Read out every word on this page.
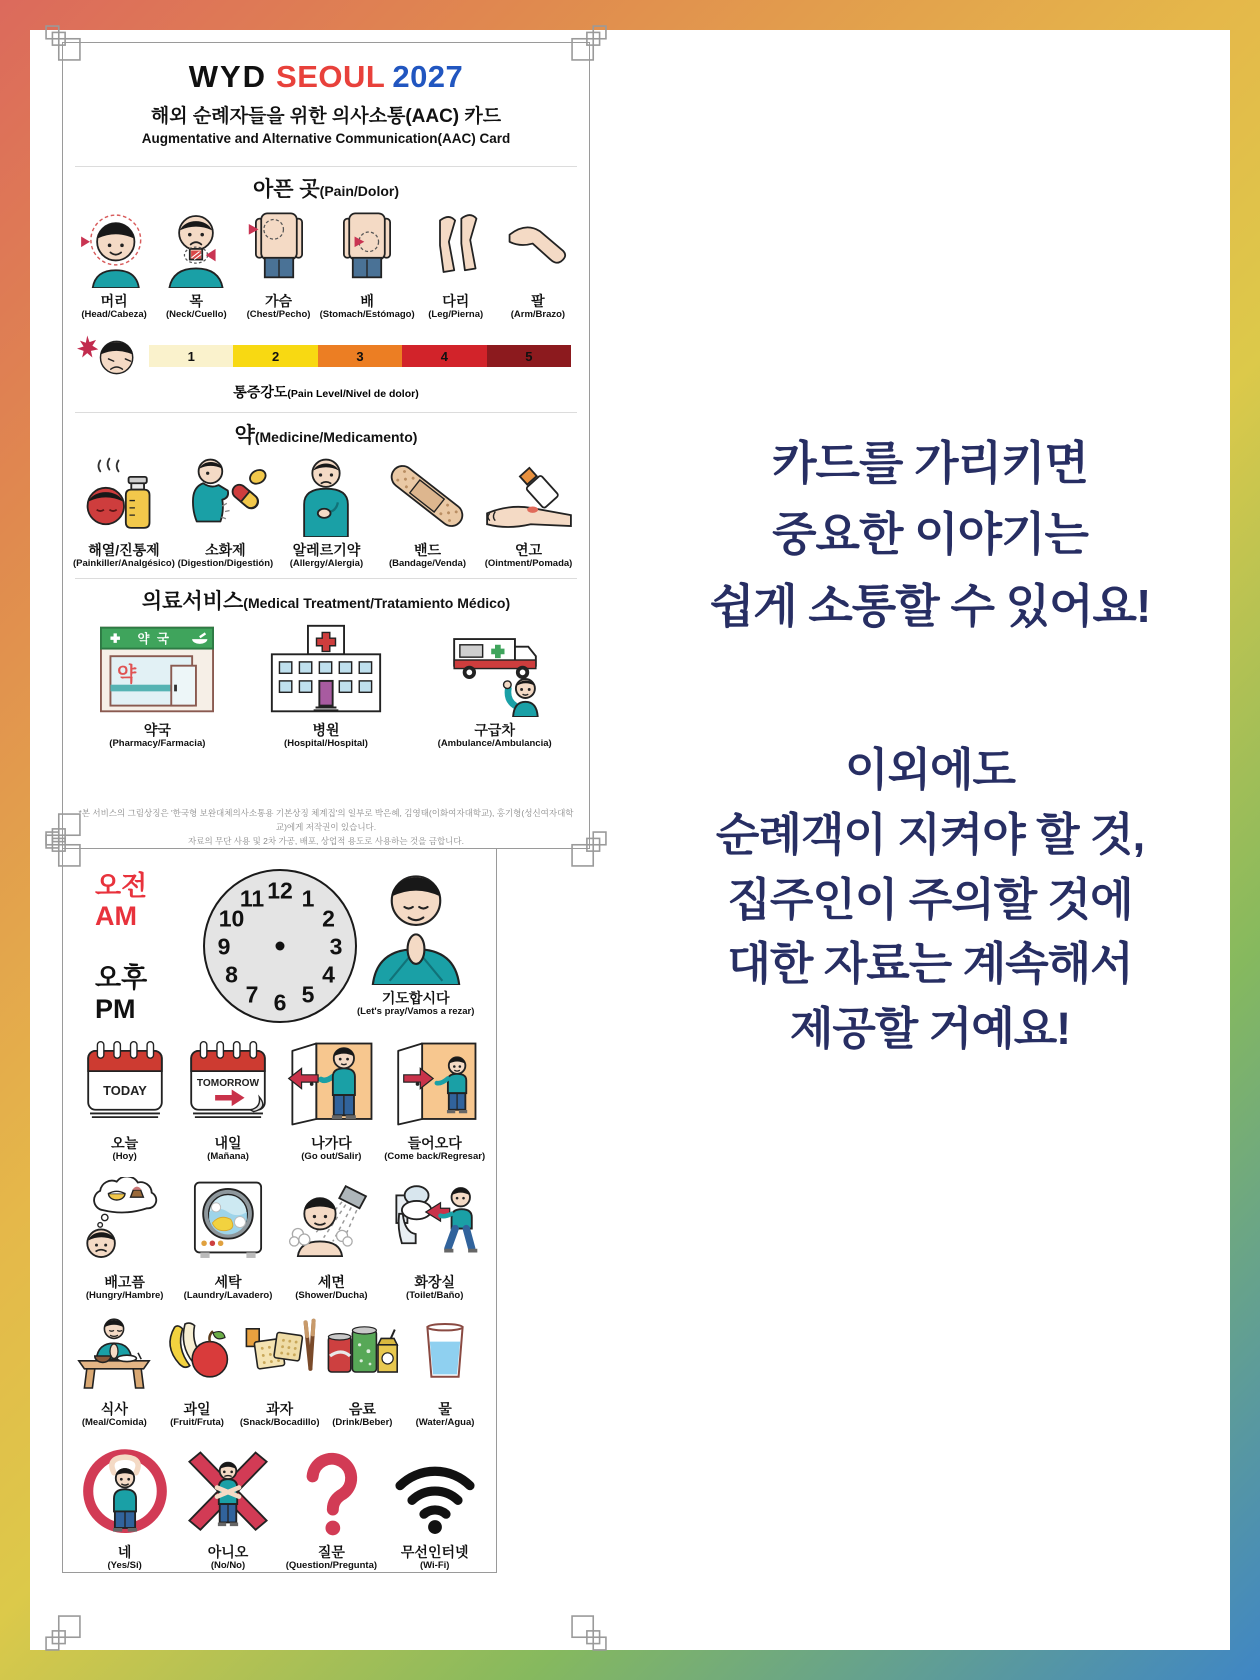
WYD SEOUL 2027
해외 순례자들을 위한 의사소통(AAC) 카드
Augmentative and Alternative Communication(AAC) Card
아픈 곳(Pain/Dolor)
머리
(Head/Cabeza)
목
(Neck/Cuello)
가슴
(Chest/Pecho)
배
(Stomach/Estómago)
다리
(Leg/Pierna)
팔
(Arm/Brazo)
1	2	3	4	5
통증강도(Pain Level/Nivel de dolor)
약(Medicine/Medicamento)
해열/진통제
(Painkiller/Analgésico)
소화제
(Digestion/Digestión)
알레르기약
(Allergy/Alergia)
밴드
(Bandage/Venda)
연고
(Ointment/Pomada)
의료서비스(Medical Treatment/Tratamiento Médico)
약국
약
약국
(Pharmacy/Farmacia)
병원
(Hospital/Hospital)
구급차
(Ambulance/Ambulancia)
*본 서비스의 그림상징은 '한국형 보완대체의사소통용 기본상징 체계집'의 일부로 박은혜, 김영태(이화여자대학교), 홍기형(성신여자대학교)에게 저작권이 있습니다.
자료의 무단 사용 및 2차 가공, 배포, 상업적 용도로 사용하는 것을 금합니다.
오전
AM
오후
PM
12 1
2
3
4
5
6
7
8
9
10
11
기도합시다
(Let's pray/Vamos a rezar)
TODAY
오늘
(Hoy)
TOMORROW
내일
(Mañana)
나가다
(Go out/Salir)
들어오다
(Come back/Regresar)
배고픔
(Hungry/Hambre)
세탁
(Laundry/Lavadero)
세면
(Shower/Ducha)
화장실
(Toilet/Baño)
식사
(Meal/Comida)
과일
(Fruit/Fruta)
과자
(Snack/Bocadillo)
음료
(Drink/Beber)
물
(Water/Agua)
네
(Yes/Sí)
아니오
(No/No)
질문
(Question/Pregunta)
무선인터넷
(Wi-Fi)
카드를 가리키면
중요한 이야기는
쉽게 소통할 수 있어요!
이외에도
순례객이 지켜야 할 것,
집주인이 주의할 것에
대한 자료는 계속해서
제공할 거예요!
